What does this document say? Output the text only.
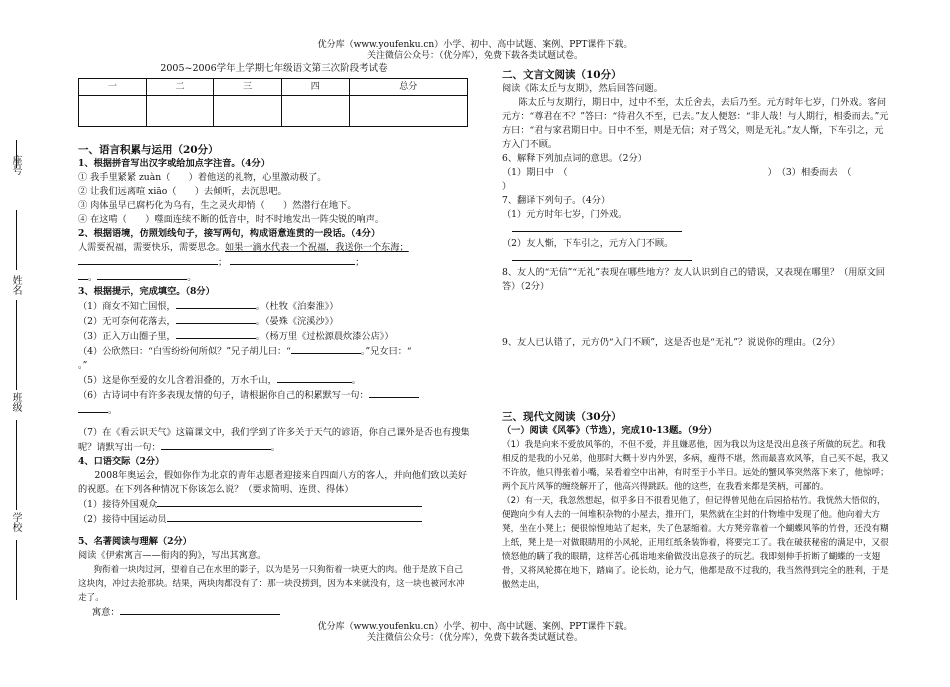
优分库（www.youfenku.cn）小学、初中、高中试题、案例、PPT课件下载。
关注微信公众号：（优分库），免费下载各类试题试卷。
座号
姓名
班级
学校

2005~2006学年上学期七年级语文第三次阶段考试卷

一	二	三	四	总分

一、语言积累与运用（20分）

1、根据拼音写出汉字或给加点字注音。（4分）

① 我手里紧紧 zuàn（　　）着他送的礼物，心里激动极了。

② 让我们远离喧 xiāo（　　）去倾听，去沉思吧。

③ 肉体虽早已腐朽化为乌有，生之灵火却悄（　　）然潜行在地下。

④ 在这啃（　　）噬面连续不断的低音中，时不时地发出一阵尖锐的响声。

2、根据语境，仿照划线句子，接写两句，构成语意连贯的一段话。（4分）

人需要祝福，需要快乐，需要思念。如果一滴水代表一个祝福，我送你一个东海；

；	；

。	。

3、根据提示，完成填空。（8分）

（1）商女不知亡国恨，	。（杜牧《泊秦淮》）

（2）无可奈何花落去，	。（晏殊《浣溪沙》）

（3）正入万山圈子里，	。（杨万里《过松源晨炊漆公店》）

（4）公欣然曰：“白雪纷纷何所似？”兄子胡儿曰：“	。”兄女曰：“

。”

（5）这是你至爱的女儿含着泪叠的，万水千山，	。

（6）古诗词中有许多表现友情的句子，请根据你自己的积累默写一句：

。

（7）在《看云识天气》这篇课文中，我们学到了许多关于天气的谚语，你自己课外是否也有搜集呢？请默写出一句：	。

4、口语交际（2分）

2008年奥运会，假如你作为北京的青年志愿者迎接来自四面八方的客人，并向他们致以美好的祝愿。在下列各种情况下你该怎么说？（要求简明、连贯、得体）

（1）接待外国观众

（2）接待中国运动员

5、名著阅读与理解（2分）

阅读《伊索寓言——衔肉的狗》，写出其寓意。

狗衔着一块肉过河，望着自己在水里的影子，以为是另一只狗衔着一块更大的肉。他于是放下自己这块肉，冲过去抢那块。结果，两块肉都没有了：那一块没捞到，因为本来就没有，这一块也被河水冲走了。

寓意：

二、文言文阅读（10分）

阅读《陈太丘与友期》，然后回答问题。

陈太丘与友期行，期日中，过中不至，太丘舍去，去后乃至。元方时年七岁，门外戏。客问元方：“尊君在不？”答曰：“待君久不至，已去。”友人便怒：“非人哉！与人期行，相委而去。”元方曰：“君与家君期日中。日中不至，则是无信；对子骂父，则是无礼。”友人惭，下车引之，元方入门不顾。

6、解释下列加点词的意思。（2分）

（1）期日中　（	）　（3）相委而去　（

）

7、翻译下列句子。（4分）

（1）元方时年七岁，门外戏。

（2）友人惭，下车引之，元方入门不顾。

8、友人的“无信”“无礼”表现在哪些地方？友人认识到自己的错误，又表现在哪里？（用原文回答）（2分）

9、友人已认错了，元方仍“入门不顾”，这是否也是“无礼”？说说你的理由。（2分）

三、现代文阅读（30分）

（一）阅读《风筝》（节选），完成10-13题。（9分）

（1）我是向来不爱放风筝的，不但不爱，并且嫌恶他，因为我以为这是没出息孩子所做的玩艺。和我相反的是我的小兄弟，他那时大概十岁内外罢，多病，瘦得不堪，然而最喜欢风筝，自己买不起，我又不许放，他只得张着小嘴，呆看着空中出神，有时至于小半日。远处的蟹风筝突然落下来了，他惊呼；两个瓦片风筝的缠绕解开了，他高兴得跳跃。他的这些，在我看来都是笑柄，可鄙的。

（2）有一天，我忽然想起，似乎多日不很看见他了，但记得曾见他在后园拾枯竹。我恍然大悟似的，便跑向少有人去的一间堆积杂物的小屋去，推开门，果然就在尘封的什物堆中发现了他。他向着大方凳，坐在小凳上；便很惊惶地站了起来，失了色瑟缩着。大方凳旁靠着一个蝴蝶风筝的竹骨，还没有糊上纸，凳上是一对做眼睛用的小风轮，正用红纸条装饰着，将要完工了。我在破获秘密的满足中，又很愤怒他的瞒了我的眼睛，这样苦心孤诣地来偷做没出息孩子的玩艺。我即刻伸手折断了蝴蝶的一支翅骨，又将风轮掷在地下，踏扁了。论长幼，论力气，他都是敌不过我的，我当然得到完全的胜利，于是傲然走出，

优分库（www.youfenku.cn）小学、初中、高中试题、案例、PPT课件下载。
关注微信公众号：（优分库），免费下载各类试题试卷。
